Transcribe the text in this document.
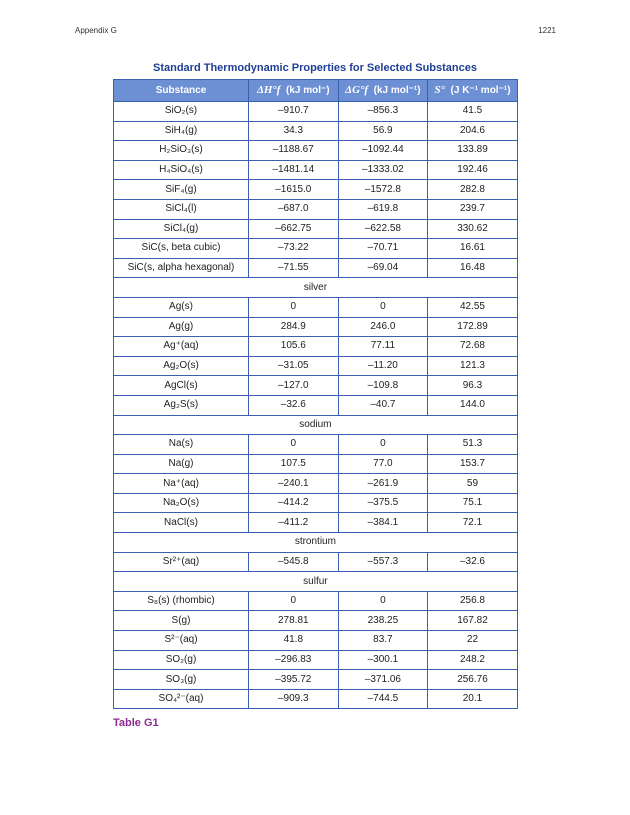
Appendix G	1221
Standard Thermodynamic Properties for Selected Substances
Substance	ΔH°f (kJ mol⁻)	ΔG°f (kJ mol⁻¹)	S° (J K⁻¹ mol⁻¹)
SiO₂(s)	–910.7	–856.3	41.5
SiH₄(g)	34.3	56.9	204.6
H₂SiO₃(s)	–1188.67	–1092.44	133.89
H₄SiO₄(s)	–1481.14	–1333.02	192.46
SiF₄(g)	–1615.0	–1572.8	282.8
SiCl₄(l)	–687.0	–619.8	239.7
SiCl₄(g)	–662.75	–622.58	330.62
SiC(s, beta cubic)	–73.22	–70.71	16.61
SiC(s, alpha hexagonal)	–71.55	–69.04	16.48
silver			
Ag(s)	0	0	42.55
Ag(g)	284.9	246.0	172.89
Ag⁺(aq)	105.6	77.11	72.68
Ag₂O(s)	–31.05	–11.20	121.3
AgCl(s)	–127.0	–109.8	96.3
Ag₂S(s)	–32.6	–40.7	144.0
sodium			
Na(s)	0	0	51.3
Na(g)	107.5	77.0	153.7
Na⁺(aq)	–240.1	–261.9	59
Na₂O(s)	–414.2	–375.5	75.1
NaCl(s)	–411.2	–384.1	72.1
strontium			
Sr²⁺(aq)	–545.8	–557.3	–32.6
sulfur			
S₈(s) (rhombic)	0	0	256.8
S(g)	278.81	238.25	167.82
S²⁻(aq)	41.8	83.7	22
SO₂(g)	–296.83	–300.1	248.2
SO₃(g)	–395.72	–371.06	256.76
SO₄²⁻(aq)	–909.3	–744.5	20.1
Table G1
